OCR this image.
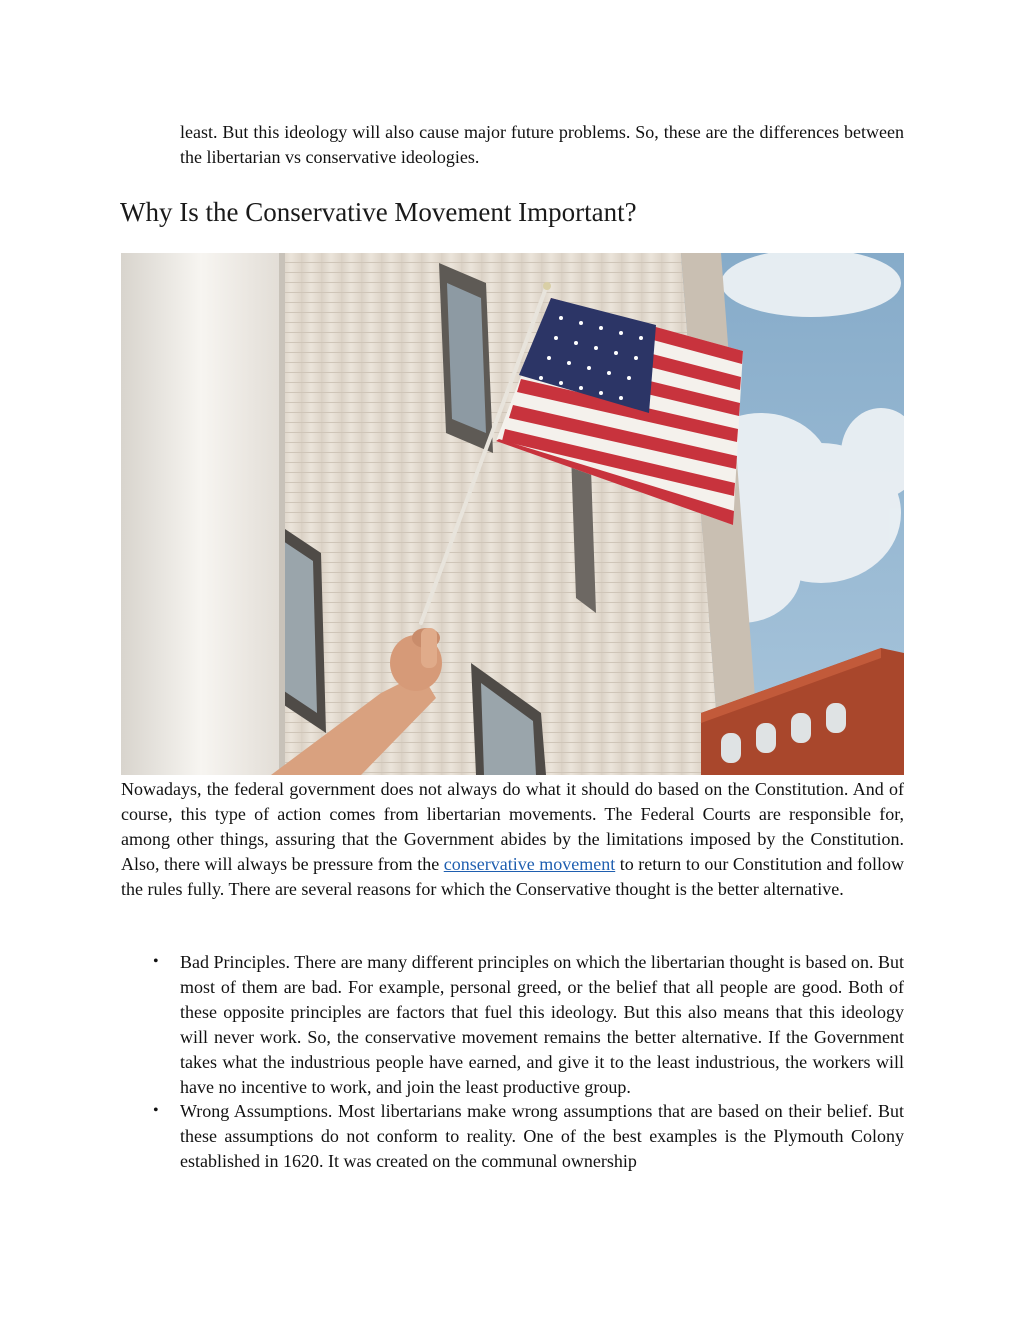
least. But this ideology will also cause major future problems. So, these are the differences between the libertarian vs conservative ideologies.

Why Is the Conservative Movement Important?

Nowadays, the federal government does not always do what it should do based on the Constitution. And of course, this type of action comes from libertarian movements. The Federal Courts are responsible for, among other things, assuring that the Government abides by the limitations imposed by the Constitution. Also, there will always be pressure from the conservative movement to return to our Constitution and follow the rules fully. There are several reasons for which the Conservative thought is the better alternative.

• Bad Principles. There are many different principles on which the libertarian thought is based on. But most of them are bad. For example, personal greed, or the belief that all people are good. Both of these opposite principles are factors that fuel this ideology. But this also means that this ideology will never work. So, the conservative movement remains the better alternative. If the Government takes what the industrious people have earned, and give it to the least industrious, the workers will have no incentive to work, and join the least productive group.
• Wrong Assumptions. Most libertarians make wrong assumptions that are based on their belief. But these assumptions do not conform to reality. One of the best examples is the Plymouth Colony established in 1620. It was created on the communal ownership
